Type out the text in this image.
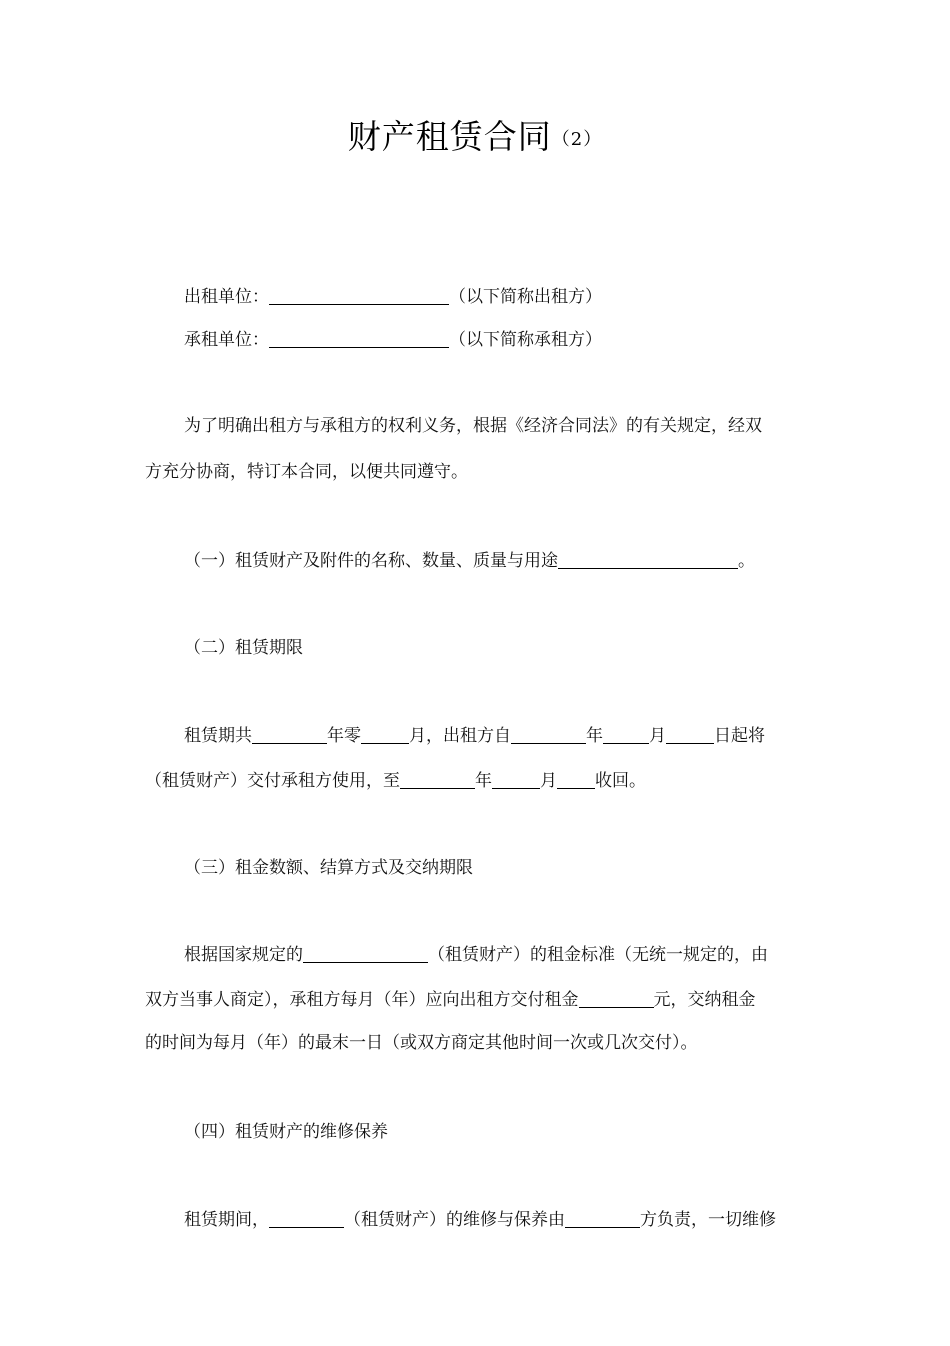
财产租赁合同（2）
出租单位：	（以下简称出租方）
承租单位：	（以下简称承租方）
为了明确出租方与承租方的权利义务，根据《经济合同法》的有关规定，经双
方充分协商，特订本合同，以便共同遵守。
（一）租赁财产及附件的名称、数量、质量与用途	。
（二）租赁期限
租赁期共	年零	月，出租方自	年	月	日起将
（租赁财产）交付承租方使用，至	年	月 收回。
（三）租金数额、结算方式及交纳期限
根据国家规定的	（租赁财产）的租金标准（无统一规定的，由
双方当事人商定），承租方每月（年）应向出租方交付租金	元，交纳租金
的时间为每月（年）的最末一日（或双方商定其他时间一次或几次交付）。
（四）租赁财产的维修保养
租赁期间，	（租赁财产）的维修与保养由	方负责，一切维修
